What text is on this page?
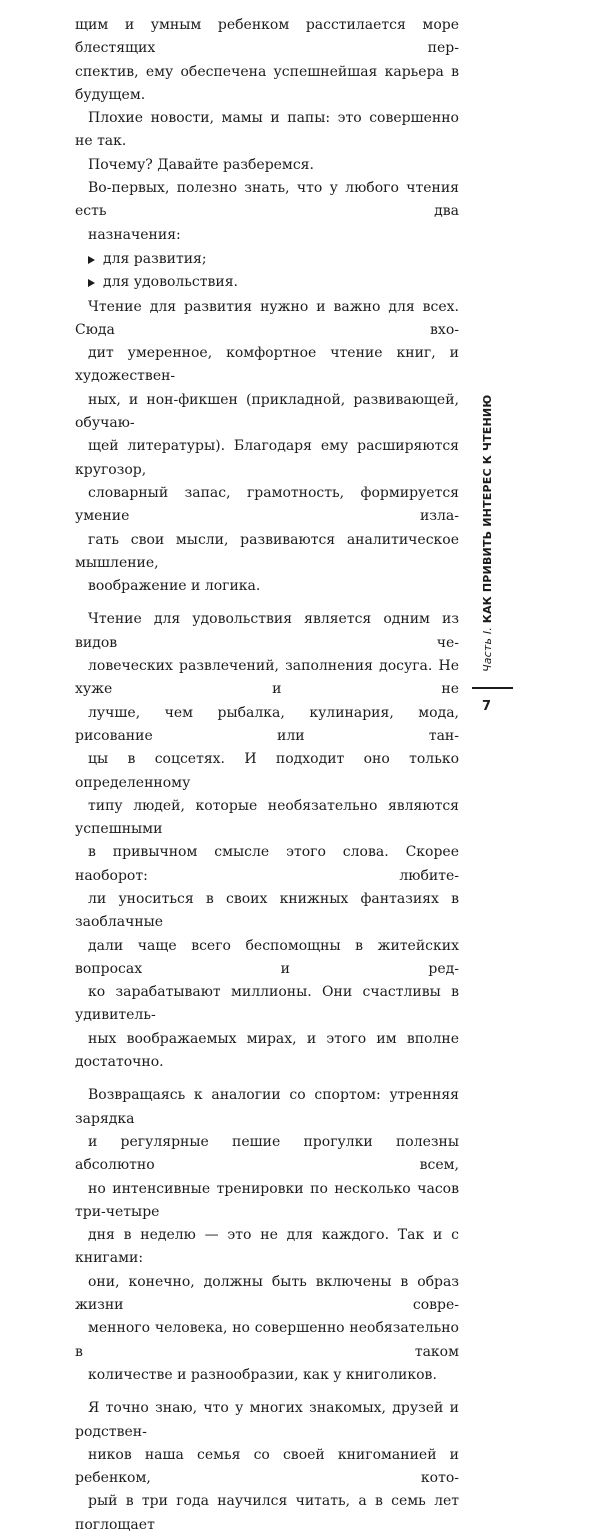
щим и умным ребенком расстилается море блестящих пер-
спектив, ему обеспечена успешнейшая карьера в будущем.

Плохие новости, мамы и папы: это совершенно не так.

Почему? Давайте разберемся.

Во-первых, полезно знать, что у любого чтения есть два
назначения:

для развития;
для удовольствия.

Чтение для развития нужно и важно для всех. Сюда вхо-
дит умеренное, комфортное чтение книг, и художествен-
ных, и нон-фикшен (прикладной, развивающей, обучаю-
щей литературы). Благодаря ему расширяются кругозор,
словарный запас, грамотность, формируется умение изла-
гать свои мысли, развиваются аналитическое мышление,
воображение и логика.

Чтение для удовольствия является одним из видов че-
ловеческих развлечений, заполнения досуга. Не хуже и не
лучше, чем рыбалка, кулинария, мода, рисование или тан-
цы в соцсетях. И подходит оно только определенному
типу людей, которые необязательно являются успешными
в привычном смысле этого слова. Скорее наоборот: любите-
ли уноситься в своих книжных фантазиях в заоблачные
дали чаще всего беспомощны в житейских вопросах и ред-
ко зарабатывают миллионы. Они счастливы в удивитель-
ных воображаемых мирах, и этого им вполне достаточно.

Возвращаясь к аналогии со спортом: утренняя зарядка
и регулярные пешие прогулки полезны абсолютно всем,
но интенсивные тренировки по несколько часов три-четыре
дня в неделю — это не для каждого. Так и с книгами:
они, конечно, должны быть включены в образ жизни совре-
менного человека, но совершенно необязательно в таком
количестве и разнообразии, как у книголиков.

Я точно знаю, что у многих знакомых, друзей и родствен-
ников наша семья со своей книгоманией и ребенком, кото-
рый в три года научился читать, а в семь лет поглощает

Часть I. КАК ПРИВИТЬ ИНТЕРЕС К ЧТЕНИЮ
7
